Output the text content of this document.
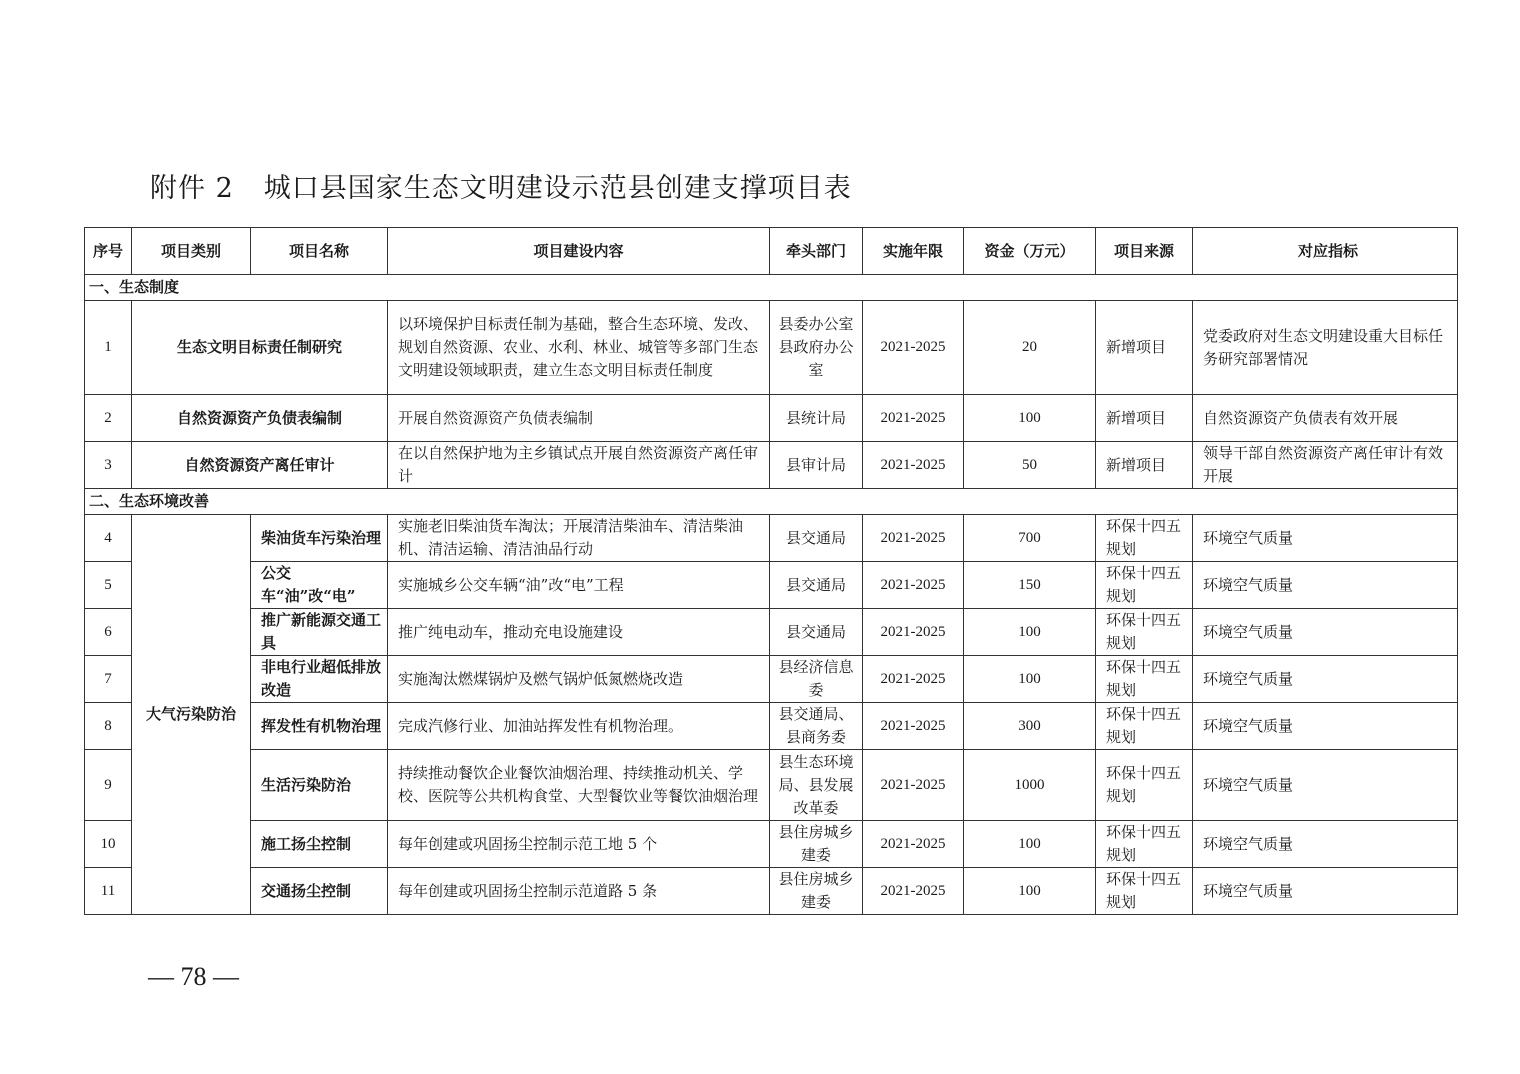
附件 2 城口县国家生态文明建设示范县创建支撑项目表
序号	项目类别	项目名称	项目建设内容	牵头部门	实施年限	资金（万元）	项目来源	对应指标
一、生态制度								
1	生态文明目标责任制研究		以环境保护目标责任制为基础，整合生态环境、发改、规划自然资源、农业、水利、林业、城管等多部门生态文明建设领域职责，建立生态文明目标责任制度	县委办公室 县政府办公室	2021-2025	20	新增项目	党委政府对生态文明建设重大目标任务研究部署情况
2	自然资源资产负债表编制		开展自然资源资产负债表编制	县统计局	2021-2025	100	新增项目	自然资源资产负债表有效开展
3	自然资源资产离任审计		在以自然保护地为主乡镇试点开展自然资源资产离任审计	县审计局	2021-2025	50	新增项目	领导干部自然资源资产离任审计有效开展
二、生态环境改善								
4	大气污染防治	柴油货车污染治理	实施老旧柴油货车淘汰；开展清洁柴油车、清洁柴油机、清洁运输、清洁油品行动	县交通局	2021-2025	700	环保十四五规划	环境空气质量
5		公交车“油”改“电”	实施城乡公交车辆“油”改“电”工程	县交通局	2021-2025	150	环保十四五规划	环境空气质量
6		推广新能源交通工具	推广纯电动车，推动充电设施建设	县交通局	2021-2025	100	环保十四五规划	环境空气质量
7		非电行业超低排放改造	实施淘汰燃煤锅炉及燃气锅炉低氮燃烧改造	县经济信息委	2021-2025	100	环保十四五规划	环境空气质量
8		挥发性有机物治理	完成汽修行业、加油站挥发性有机物治理。	县交通局、县商务委	2021-2025	300	环保十四五规划	环境空气质量
9		生活污染防治	持续推动餐饮企业餐饮油烟治理、持续推动机关、学校、医院等公共机构食堂、大型餐饮业等餐饮油烟治理	县生态环境局、县发展改革委	2021-2025	1000	环保十四五规划	环境空气质量
10		施工扬尘控制	每年创建或巩固扬尘控制示范工地 5 个	县住房城乡建委	2021-2025	100	环保十四五规划	环境空气质量
11		交通扬尘控制	每年创建或巩固扬尘控制示范道路 5 条	县住房城乡建委	2021-2025	100	环保十四五规划	环境空气质量
— 78 —
